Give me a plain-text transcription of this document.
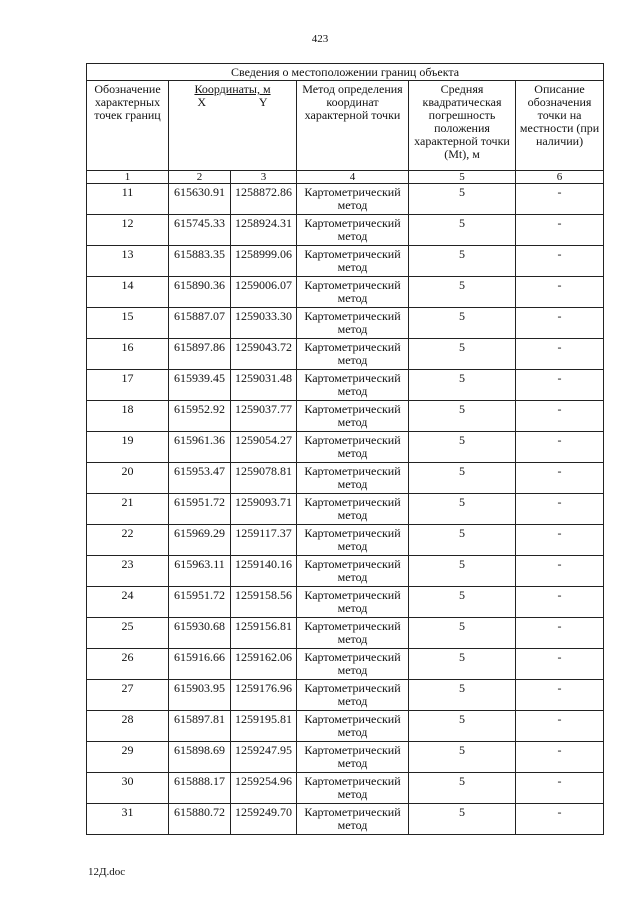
423
Сведения о местоположении границ объекта					
Обозначение характерных точек границ	Координаты, м
X Y		Метод определения координат характерной точки	Средняя квадратическая погрешность положения характерной точки (Mt), м	Описание обозначения точки на местности (при наличии)
1	2	3	4	5	6
11	615630.91	1258872.86	Картометрический метод	5	-
12	615745.33	1258924.31	Картометрический метод	5	-
13	615883.35	1258999.06	Картометрический метод	5	-
14	615890.36	1259006.07	Картометрический метод	5	-
15	615887.07	1259033.30	Картометрический метод	5	-
16	615897.86	1259043.72	Картометрический метод	5	-
17	615939.45	1259031.48	Картометрический метод	5	-
18	615952.92	1259037.77	Картометрический метод	5	-
19	615961.36	1259054.27	Картометрический метод	5	-
20	615953.47	1259078.81	Картометрический метод	5	-
21	615951.72	1259093.71	Картометрический метод	5	-
22	615969.29	1259117.37	Картометрический метод	5	-
23	615963.11	1259140.16	Картометрический метод	5	-
24	615951.72	1259158.56	Картометрический метод	5	-
25	615930.68	1259156.81	Картометрический метод	5	-
26	615916.66	1259162.06	Картометрический метод	5	-
27	615903.95	1259176.96	Картометрический метод	5	-
28	615897.81	1259195.81	Картометрический метод	5	-
29	615898.69	1259247.95	Картометрический метод	5	-
30	615888.17	1259254.96	Картометрический метод	5	-
31	615880.72	1259249.70	Картометрический метод	5	-
12Д.doc
